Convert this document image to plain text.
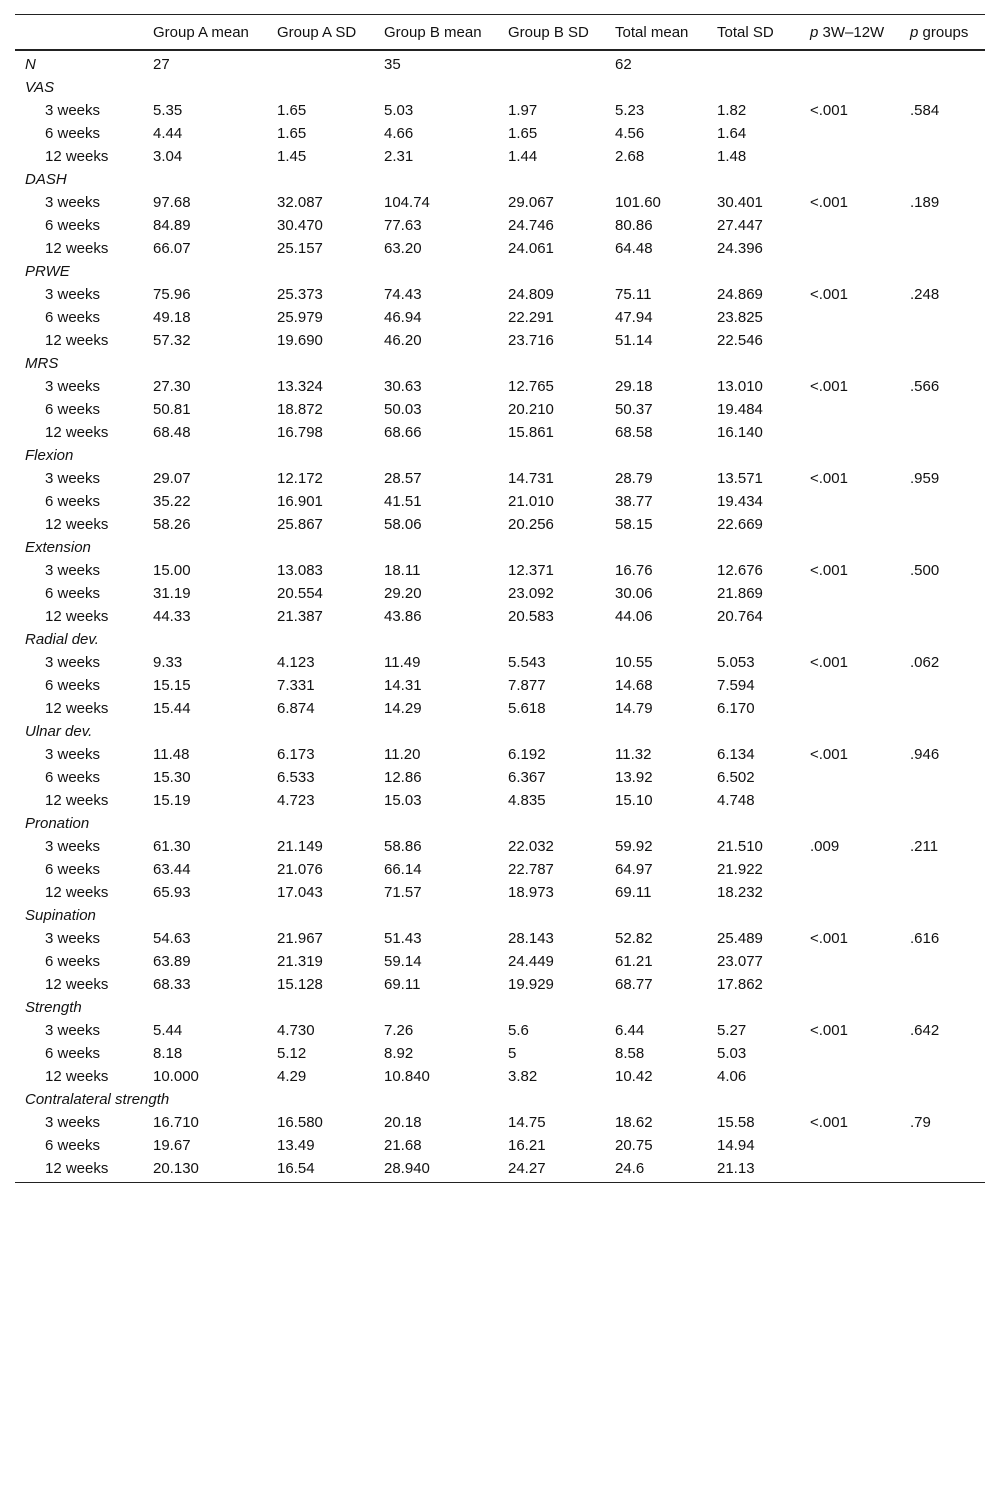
	Group A mean	Group A SD	Group B mean	Group B SD	Total mean	Total SD	p 3W–12W	p groups
N	27		35		62			
VAS								
3 weeks	5.35	1.65	5.03	1.97	5.23	1.82	<.001	.584
6 weeks	4.44	1.65	4.66	1.65	4.56	1.64		
12 weeks	3.04	1.45	2.31	1.44	2.68	1.48		
DASH								
3 weeks	97.68	32.087	104.74	29.067	101.60	30.401	<.001	.189
6 weeks	84.89	30.470	77.63	24.746	80.86	27.447		
12 weeks	66.07	25.157	63.20	24.061	64.48	24.396		
PRWE								
3 weeks	75.96	25.373	74.43	24.809	75.11	24.869	<.001	.248
6 weeks	49.18	25.979	46.94	22.291	47.94	23.825		
12 weeks	57.32	19.690	46.20	23.716	51.14	22.546		
MRS								
3 weeks	27.30	13.324	30.63	12.765	29.18	13.010	<.001	.566
6 weeks	50.81	18.872	50.03	20.210	50.37	19.484		
12 weeks	68.48	16.798	68.66	15.861	68.58	16.140		
Flexion								
3 weeks	29.07	12.172	28.57	14.731	28.79	13.571	<.001	.959
6 weeks	35.22	16.901	41.51	21.010	38.77	19.434		
12 weeks	58.26	25.867	58.06	20.256	58.15	22.669		
Extension								
3 weeks	15.00	13.083	18.11	12.371	16.76	12.676	<.001	.500
6 weeks	31.19	20.554	29.20	23.092	30.06	21.869		
12 weeks	44.33	21.387	43.86	20.583	44.06	20.764		
Radial dev.								
3 weeks	9.33	4.123	11.49	5.543	10.55	5.053	<.001	.062
6 weeks	15.15	7.331	14.31	7.877	14.68	7.594		
12 weeks	15.44	6.874	14.29	5.618	14.79	6.170		
Ulnar dev.								
3 weeks	11.48	6.173	11.20	6.192	11.32	6.134	<.001	.946
6 weeks	15.30	6.533	12.86	6.367	13.92	6.502		
12 weeks	15.19	4.723	15.03	4.835	15.10	4.748		
Pronation								
3 weeks	61.30	21.149	58.86	22.032	59.92	21.510	.009	.211
6 weeks	63.44	21.076	66.14	22.787	64.97	21.922		
12 weeks	65.93	17.043	71.57	18.973	69.11	18.232		
Supination								
3 weeks	54.63	21.967	51.43	28.143	52.82	25.489	<.001	.616
6 weeks	63.89	21.319	59.14	24.449	61.21	23.077		
12 weeks	68.33	15.128	69.11	19.929	68.77	17.862		
Strength								
3 weeks	5.44	4.730	7.26	5.6	6.44	5.27	<.001	.642
6 weeks	8.18	5.12	8.92	5	8.58	5.03		
12 weeks	10.000	4.29	10.840	3.82	10.42	4.06		
Contralateral strength								
3 weeks	16.710	16.580	20.18	14.75	18.62	15.58	<.001	.79
6 weeks	19.67	13.49	21.68	16.21	20.75	14.94		
12 weeks	20.130	16.54	28.940	24.27	24.6	21.13		
